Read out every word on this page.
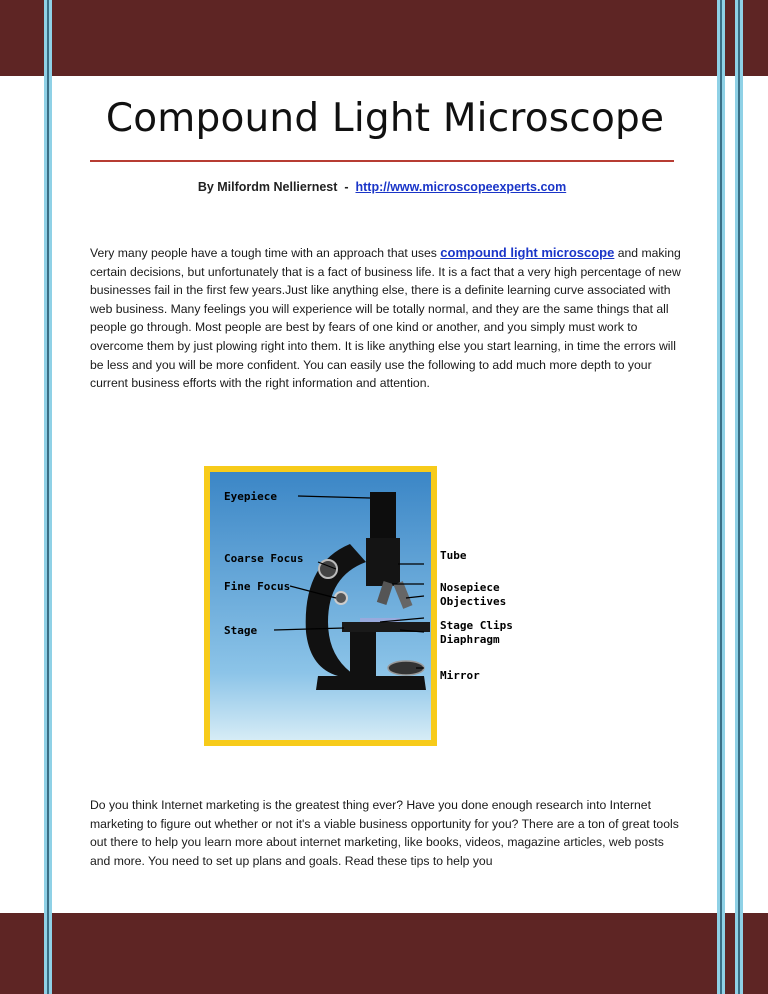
Compound Light Microscope
By Milfordm Nelliernest  -  http://www.microscopeexperts.com

Very many people have a tough time with an approach that uses compound light microscope and making certain decisions, but unfortunately that is a fact of business life. It is a fact that a very high percentage of new businesses fail in the first few years.Just like anything else, there is a definite learning curve associated with web business. Many feelings you will experience will be totally normal, and they are the same things that all people go through. Most people are best by fears of one kind or another, and you simply must work to overcome them by just plowing right into them. It is like anything else you start learning, in time the errors will be less and you will be more confident. You can easily use the following to add much more depth to your current business efforts with the right information and attention.

Eyepiece
Coarse Focus
Fine Focus
Stage
Tube
Nosepiece
Objectives
Stage Clips
Diaphragm
Mirror

Do you think Internet marketing is the greatest thing ever? Have you done enough research into Internet marketing to figure out whether or not it's a viable business opportunity for you? There are a ton of great tools out there to help you learn more about internet marketing, like books, videos, magazine articles, web posts and more. You need to set up plans and goals. Read these tips to help you
